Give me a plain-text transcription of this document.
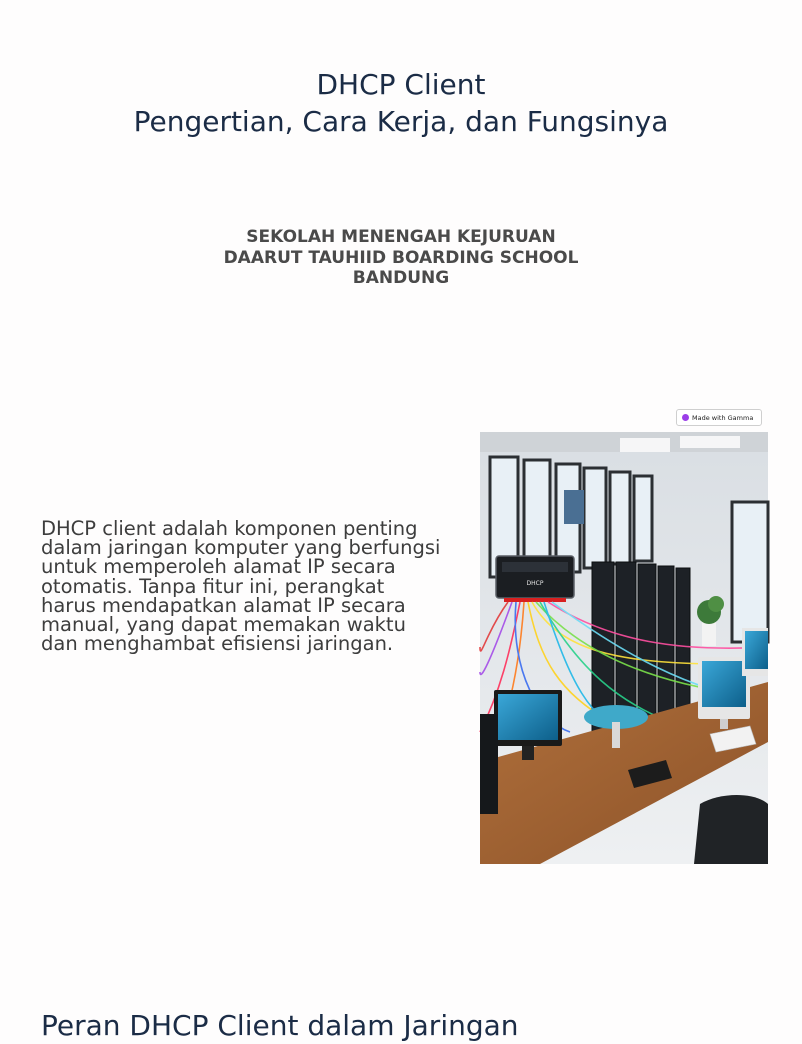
DHCP Client
Pengertian, Cara Kerja, dan Fungsinya
SEKOLAH MENENGAH KEJURUAN
DAARUT TAUHIID BOARDING SCHOOL
BANDUNG
Made with Gamma

DHCP client adalah komponen penting dalam jaringan komputer yang berfungsi untuk memperoleh alamat IP secara otomatis. Tanpa fitur ini, perangkat harus mendapatkan alamat IP secara manual, yang dapat memakan waktu dan menghambat efisiensi jaringan.

DHCP
Peran DHCP Client dalam Jaringan
